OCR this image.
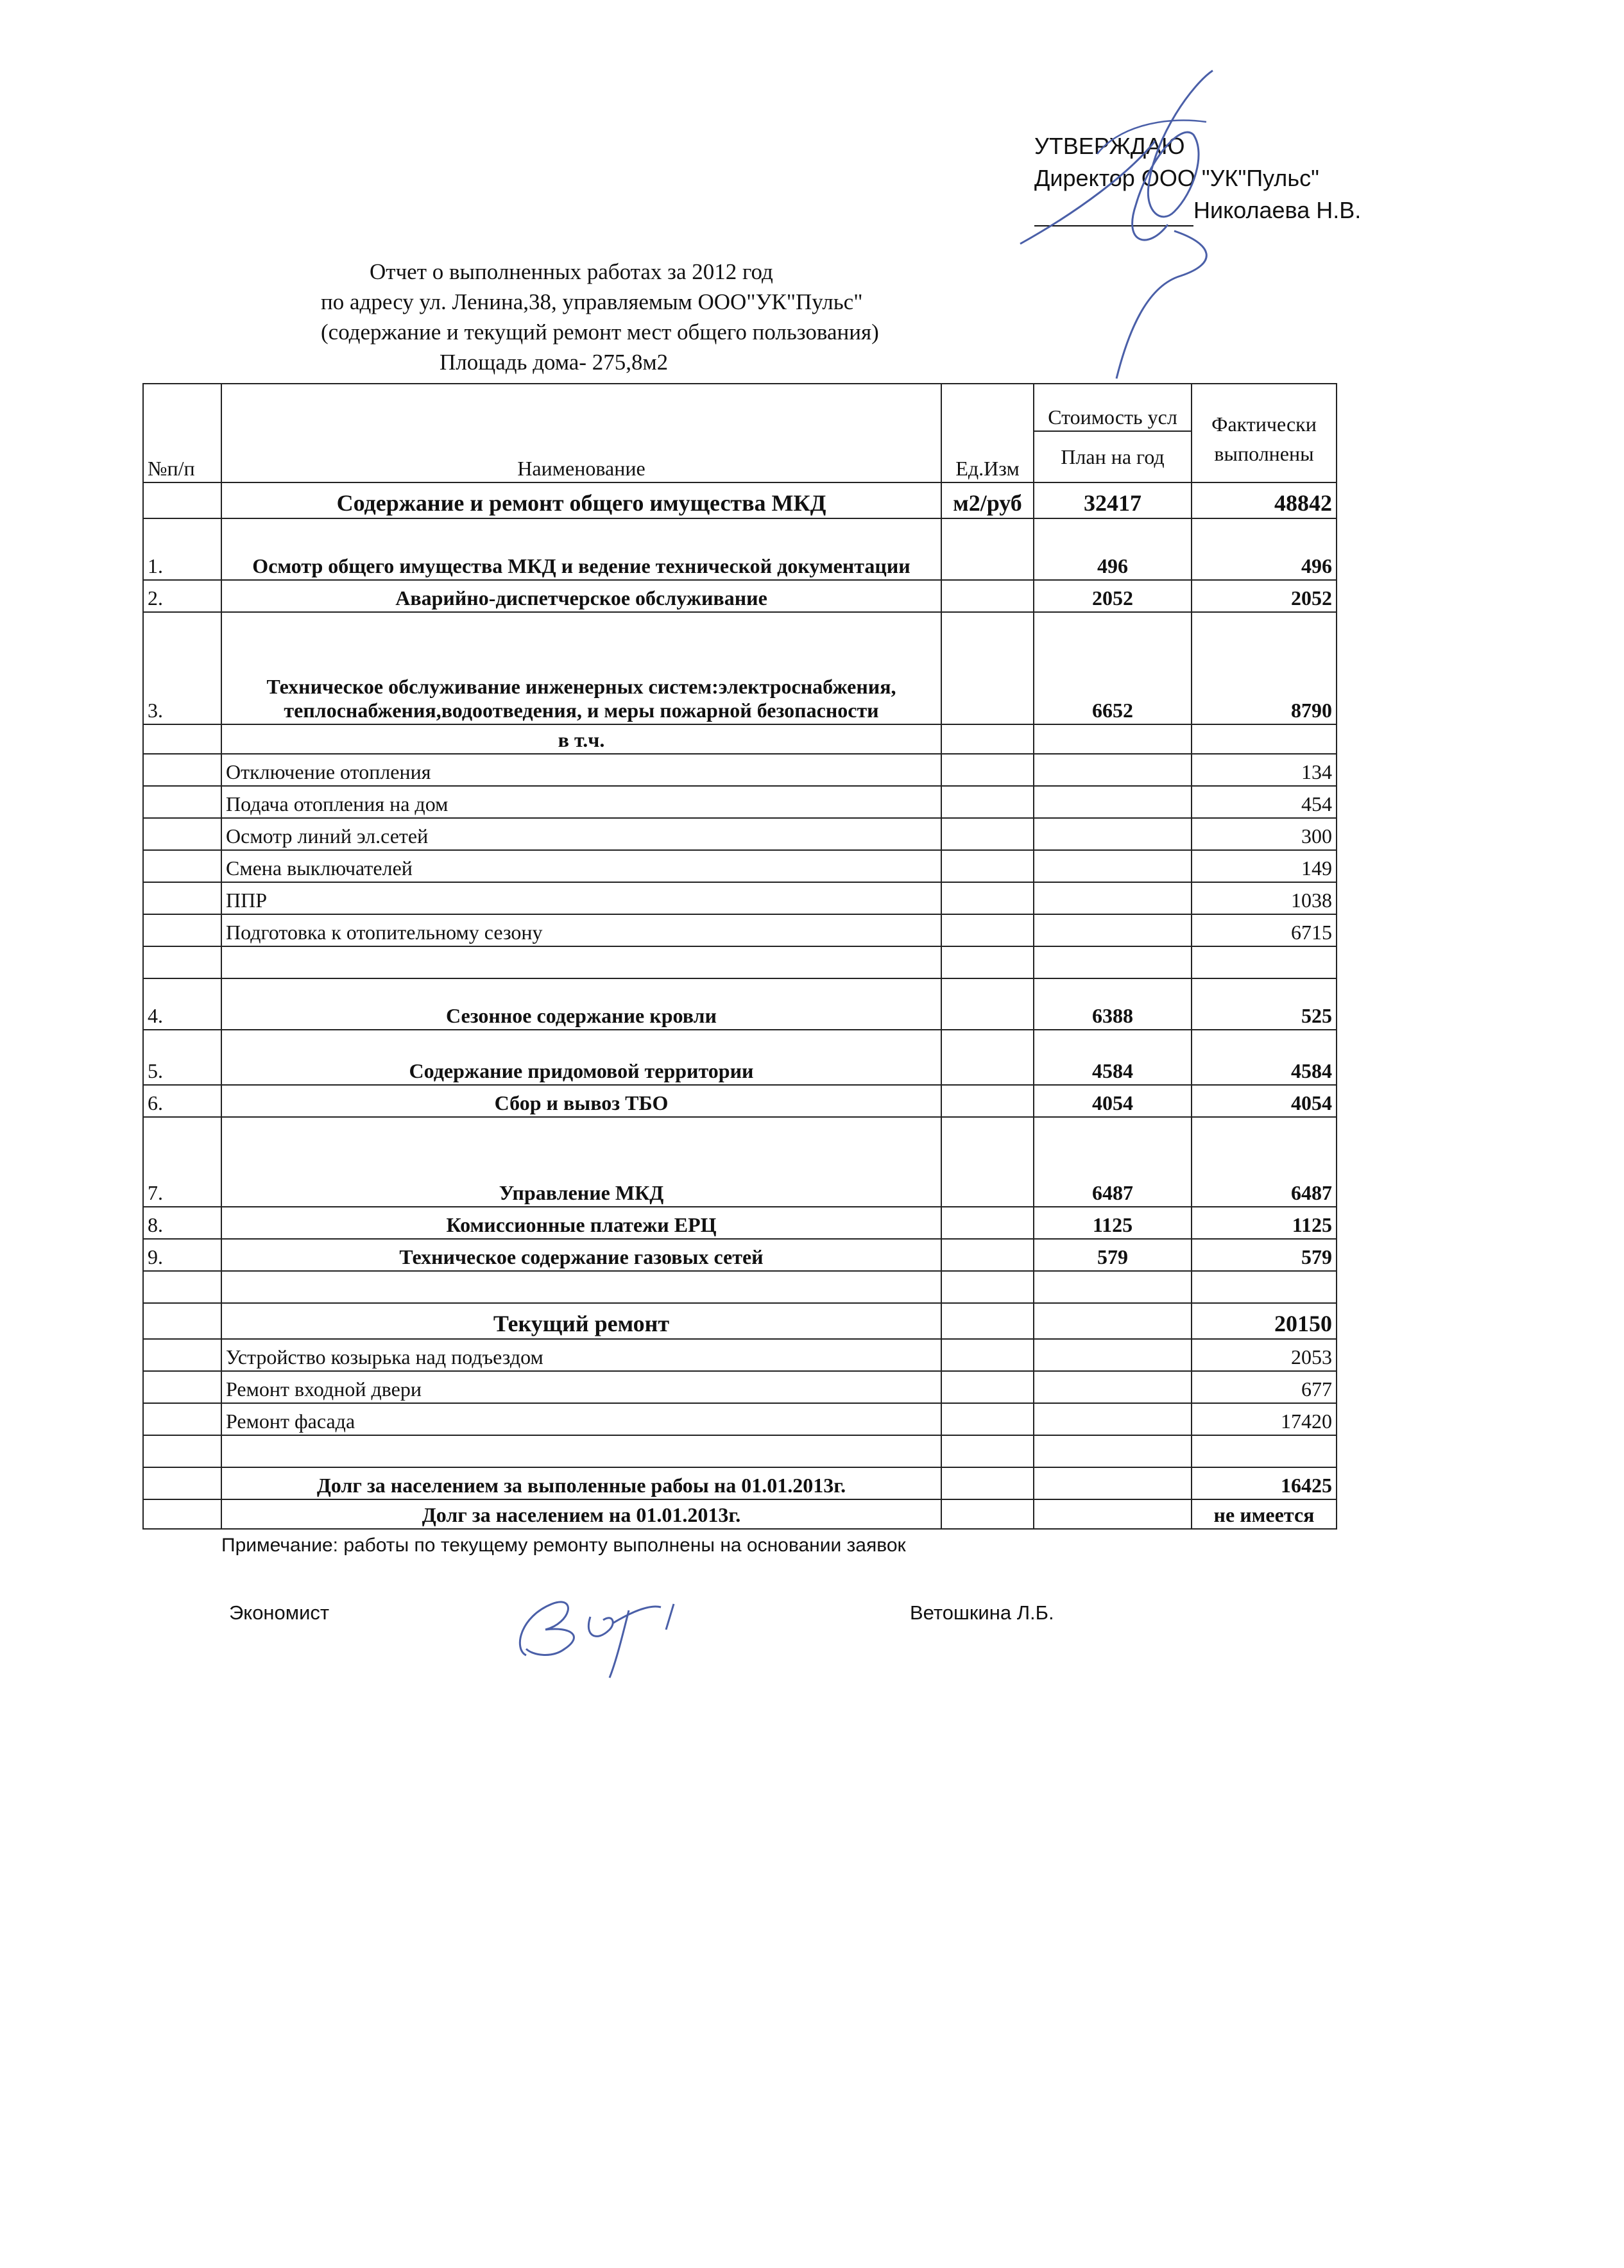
УТВЕРЖДАЮ
Директор ООО "УК"Пульс"
Николаева Н.В.
Отчет о выполненных работах за 2012 год
по адресу ул. Ленина,38, управляемым ООО"УК"Пульс"
(содержание и текущий ремонт мест общего пользования)
Площадь дома- 275,8м2
№п/п	Наименование	Ед.Изм	Стоимость усл	Фактически выполнены
			План на год	
	Содержание и ремонт общего имущества МКД	м2/руб	32417	48842
1.	Осмотр общего имущества МКД и ведение технической документации		496	496
2.	Аварийно-диспетчерское обслуживание		2052	2052
3.	Техническое обслуживание инженерных систем:электроснабжения, теплоснабжения,водоотведения, и меры пожарной безопасности		6652	8790
	в т.ч.			
	Отключение отопления			134
	Подача отопления на дом			454
	Осмотр линий эл.сетей			300
	Смена выключателей			149
	ППР			1038
	Подготовка к отопительному сезону			6715

4.	Сезонное содержание кровли		6388	525
5.	Содержание придомовой территории		4584	4584
6.	Сбор и вывоз ТБО		4054	4054
7.	Управление МКД		6487	6487
8.	Комиссионные платежи ЕРЦ		1125	1125
9.	Техническое содержание газовых сетей		579	579

	Текущий ремонт			20150
	Устройство козырька над подъездом			2053
	Ремонт входной двери			677
	Ремонт фасада			17420

	Долг за населением за выполенные рабоы на 01.01.2013г.			16425
	Долг за населением на 01.01.2013г.			не имеется
Примечание: работы по текущему ремонту выполнены на основании заявок
Экономист	Ветошкина Л.Б.
